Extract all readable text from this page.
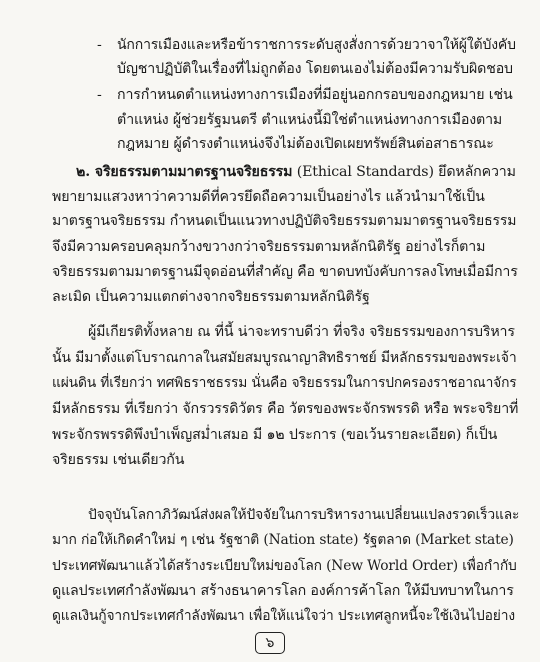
- นักการเมืองและหรือข้าราชการระดับสูงสั่งการด้วยวาจาให้ผู้ใต้บังคับ
บัญชาปฏิบัติในเรื่องที่ไม่ถูกต้อง โดยตนเองไม่ต้องมีความรับผิดชอบ
- การกำหนดตำแหน่งทางการเมืองที่มีอยู่นอกกรอบของกฎหมาย เช่น
ตำแหน่ง ผู้ช่วยรัฐมนตรี ตำแหน่งนี้มิใช่ตำแหน่งทางการเมืองตาม
กฎหมาย ผู้ดำรงตำแหน่งจึงไม่ต้องเปิดเผยทรัพย์สินต่อสาธารณะ
๒. จริยธรรมตามมาตรฐานจริยธรรม (Ethical Standards) ยึดหลักความ
พยายามแสวงหาว่าความดีที่ควรยึดถือความเป็นอย่างไร แล้วนำมาใช้เป็น
มาตรฐานจริยธรรม กำหนดเป็นแนวทางปฏิบัติจริยธรรมตามมาตรฐานจริยธรรม
จึงมีความครอบคลุมกว้างขวางกว่าจริยธรรมตามหลักนิติรัฐ อย่างไรก็ตาม
จริยธรรมตามมาตรฐานมีจุดอ่อนที่สำคัญ คือ ขาดบทบังคับการลงโทษเมื่อมีการ
ละเมิด เป็นความแตกต่างจากจริยธรรมตามหลักนิติรัฐ
ผู้มีเกียรติทั้งหลาย ณ ที่นี้ น่าจะทราบดีว่า ที่จริง จริยธรรมของการบริหาร
นั้น มีมาตั้งแต่โบราณกาลในสมัยสมบูรณาญาสิทธิราชย์ มีหลักธรรมของพระเจ้า
แผ่นดิน ที่เรียกว่า ทศพิธราชธรรม นั่นคือ จริยธรรมในการปกครองราชอาณาจักร
มีหลักธรรม ที่เรียกว่า จักรวรรดิวัตร คือ วัตรของพระจักรพรรดิ หรือ พระจริยาที่
พระจักรพรรดิพึงบำเพ็ญสม่ำเสมอ มี ๑๒ ประการ (ขอเว้นรายละเอียด) ก็เป็น
จริยธรรม เช่นเดียวกัน
ปัจจุบันโลกาภิวัฒน์ส่งผลให้ปัจจัยในการบริหารงานเปลี่ยนแปลงรวดเร็วและ
มาก ก่อให้เกิดคำใหม่ ๆ เช่น รัฐชาติ (Nation state) รัฐตลาด (Market state)
ประเทศพัฒนาแล้วได้สร้างระเบียบใหม่ของโลก (New World Order) เพื่อกำกับ
ดูแลประเทศกำลังพัฒนา สร้างธนาคารโลก องค์การค้าโลก ให้มีบทบาทในการ
ดูแลเงินกู้จากประเทศกำลังพัฒนา เพื่อให้แน่ใจว่า ประเทศลูกหนี้จะใช้เงินไปอย่าง
๖
